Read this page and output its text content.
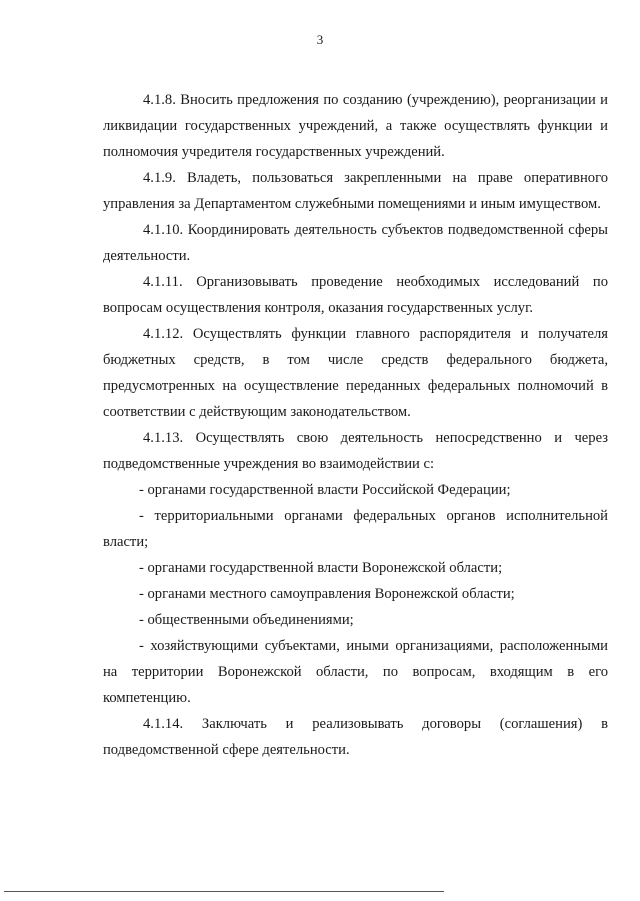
3

4.1.8. Вносить предложения по созданию (учреждению), реорганизации и ликвидации государственных учреждений, а также осуществлять функции и полномочия учредителя государственных учреждений.

4.1.9. Владеть, пользоваться закрепленными на праве оперативного управления за Департаментом служебными помещениями и иным имуществом.

4.1.10. Координировать деятельность субъектов подведомственной сферы деятельности.

4.1.11. Организовывать проведение необходимых исследований по вопросам осуществления контроля, оказания государственных услуг.

4.1.12. Осуществлять функции главного распорядителя и получателя бюджетных средств, в том числе средств федерального бюджета, предусмотренных на осуществление переданных федеральных полномочий в соответствии с действующим законодательством.

4.1.13. Осуществлять свою деятельность непосредственно и через подведомственные учреждения во взаимодействии с:

- органами государственной власти Российской Федерации;

- территориальными органами федеральных органов исполнительной власти;

- органами государственной власти Воронежской области;

- органами местного самоуправления Воронежской области;

- общественными объединениями;

- хозяйствующими субъектами, иными организациями, расположенными на территории Воронежской области, по вопросам, входящим в его компетенцию.

4.1.14. Заключать и реализовывать договоры (соглашения) в подведомственной сфере деятельности.
